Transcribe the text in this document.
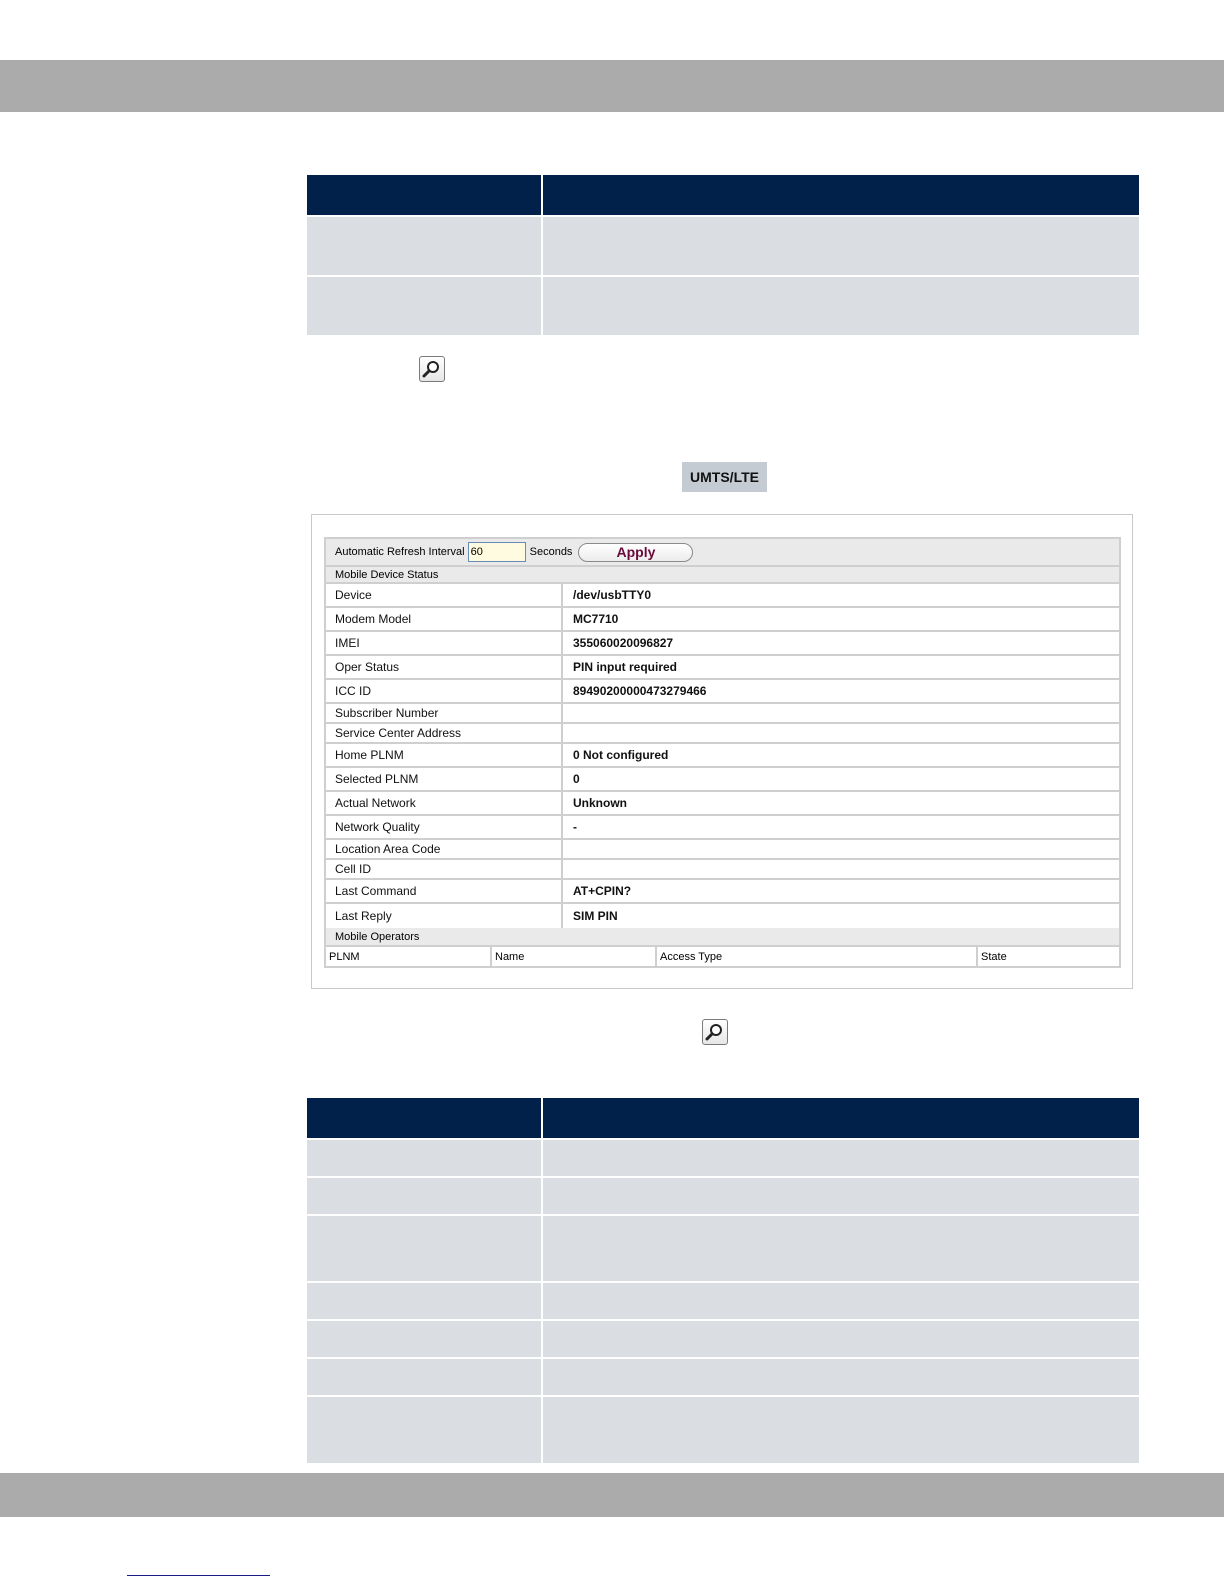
UMTS/LTE
Automatic Refresh Interval
60	Seconds	Apply
Mobile Device Status
Device	/dev/usbTTY0
Modem Model	MC7710
IMEI	355060020096827
Oper Status	PIN input required
ICC ID	89490200000473279466
Subscriber Number
Service Center Address
Home PLNM	0 Not configured
Selected PLNM	0
Actual Network	Unknown
Network Quality	-
Location Area Code
Cell ID
Last Command	AT+CPIN?
Last Reply	SIM PIN
Mobile Operators
PLNM	Name	Access Type	State
